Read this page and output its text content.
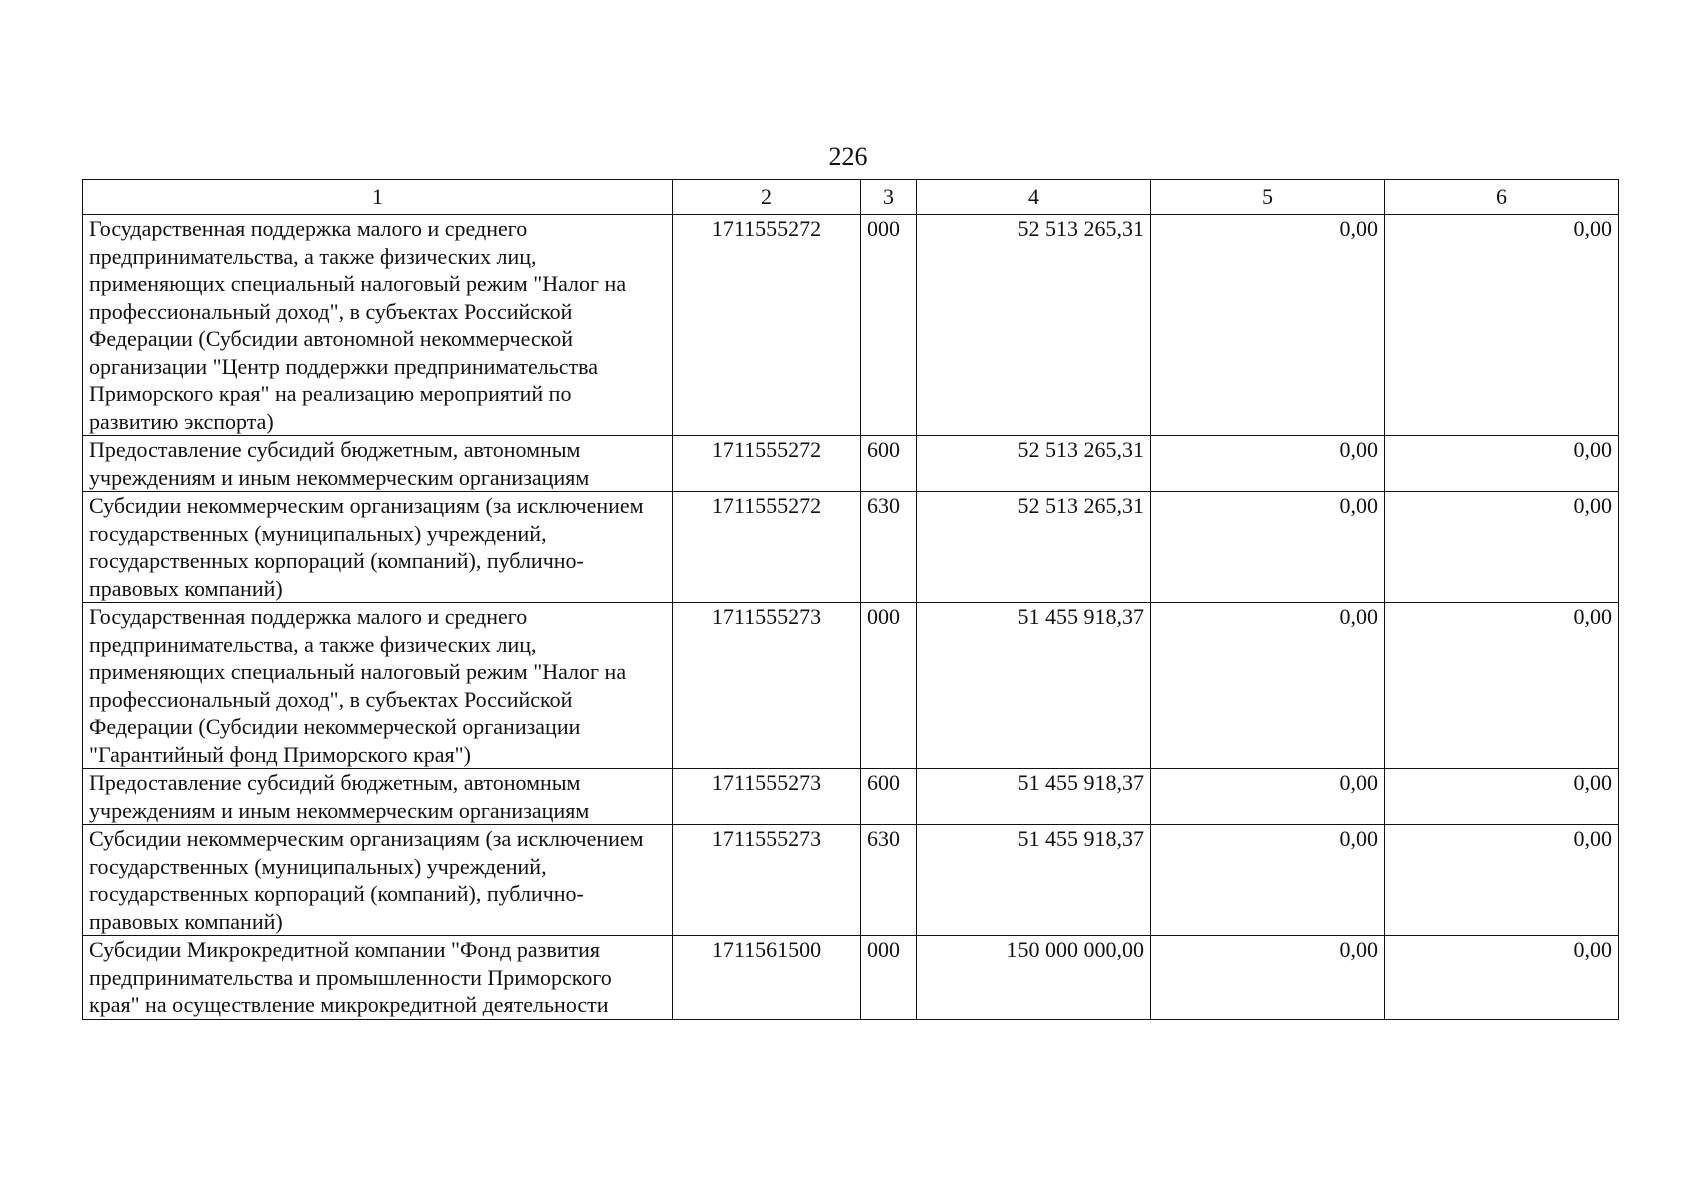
226
1	2	3	4	5	6
Государственная поддержка малого и среднего предпринимательства, а также физических лиц, применяющих специальный налоговый режим "Налог на профессиональный доход", в субъектах Российской Федерации (Субсидии автономной некоммерческой организации "Центр поддержки предпринимательства Приморского края" на реализацию мероприятий по развитию экспорта)	1711555272	000	52 513 265,31	0,00	0,00
Предоставление субсидий бюджетным, автономным учреждениям и иным некоммерческим организациям	1711555272	600	52 513 265,31	0,00	0,00
Субсидии некоммерческим организациям (за исключением государственных (муниципальных) учреждений, государственных корпораций (компаний), публично-правовых компаний)	1711555272	630	52 513 265,31	0,00	0,00
Государственная поддержка малого и среднего предпринимательства, а также физических лиц, применяющих специальный налоговый режим "Налог на профессиональный доход", в субъектах Российской Федерации (Субсидии некоммерческой организации "Гарантийный фонд Приморского края")	1711555273	000	51 455 918,37	0,00	0,00
Предоставление субсидий бюджетным, автономным учреждениям и иным некоммерческим организациям	1711555273	600	51 455 918,37	0,00	0,00
Субсидии некоммерческим организациям (за исключением государственных (муниципальных) учреждений, государственных корпораций (компаний), публично-правовых компаний)	1711555273	630	51 455 918,37	0,00	0,00
Субсидии Микрокредитной компании "Фонд развития предпринимательства и промышленности Приморского края" на осуществление микрокредитной деятельности	1711561500	000	150 000 000,00	0,00	0,00
